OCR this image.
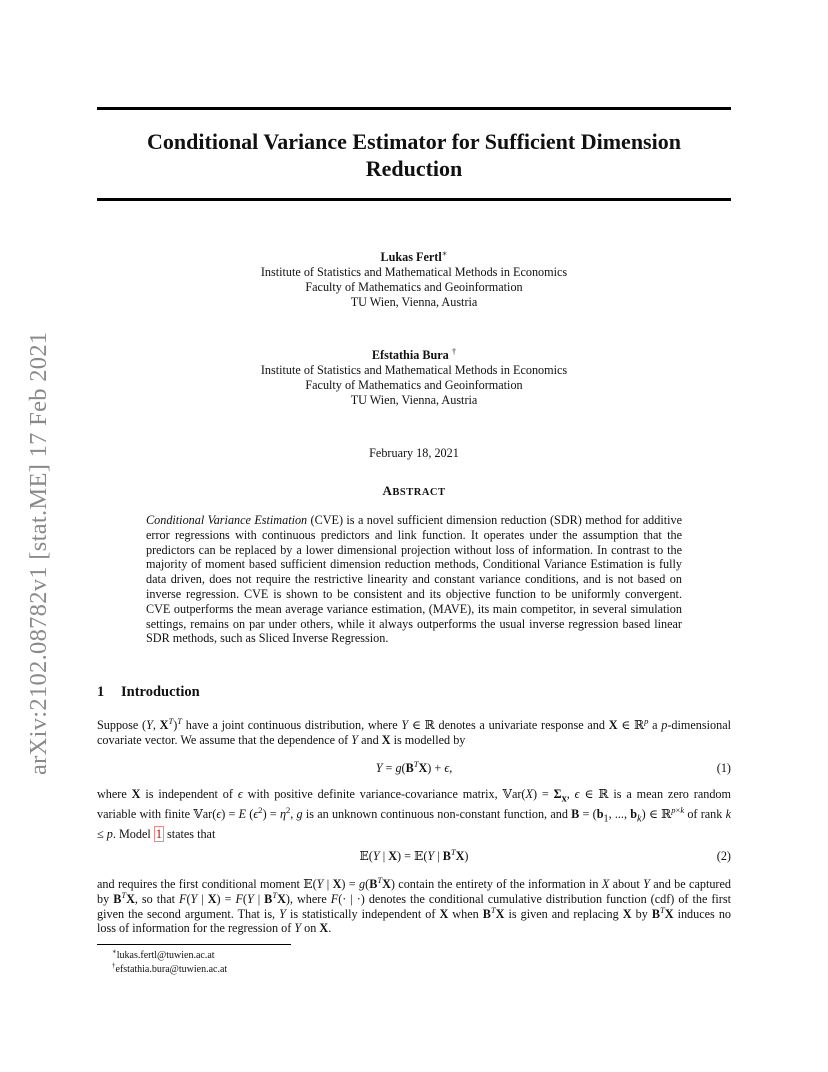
arXiv:2102.08782v1 [stat.ME] 17 Feb 2021
Conditional Variance Estimator for Sufficient Dimension Reduction
Lukas Fertl∗
Institute of Statistics and Mathematical Methods in Economics
Faculty of Mathematics and Geoinformation
TU Wien, Vienna, Austria
Efstathia Bura †
Institute of Statistics and Mathematical Methods in Economics
Faculty of Mathematics and Geoinformation
TU Wien, Vienna, Austria
February 18, 2021
ABSTRACT
Conditional Variance Estimation (CVE) is a novel sufficient dimension reduction (SDR) method for additive error regressions with continuous predictors and link function. It operates under the assumption that the predictors can be replaced by a lower dimensional projection without loss of information. In contrast to the majority of moment based sufficient dimension reduction methods, Conditional Variance Estimation is fully data driven, does not require the restrictive linearity and constant variance conditions, and is not based on inverse regression. CVE is shown to be consistent and its objective function to be uniformly convergent. CVE outperforms the mean average variance estimation, (MAVE), its main competitor, in several simulation settings, remains on par under others, while it always outperforms the usual inverse regression based linear SDR methods, such as Sliced Inverse Regression.
1 Introduction
Suppose (Y, $X^T)^T$ have a joint continuous distribution, where Y ∈ ℝ denotes a univariate response and X ∈ ℝ$^p$ a p-dimensional covariate vector. We assume that the dependence of Y and X is modelled by
$Y = g(B^TX) + \epsilon$,	(1)
where X is independent of ϵ with positive definite variance-covariance matrix, 𝕍ar(X) = $\Sigma_x$, ϵ ∈ ℝ is a mean zero random variable with finite 𝕍ar(ϵ) = E $(\epsilon^2) = \eta^2$, g is an unknown continuous non-constant function, and $B = (b_1$, ..., $b_k$) ∈ ℝ$^{p\times k}$ of rank k ≤ p. Model 1 states that
𝔼(Y | X) = 𝔼(Y | $B^TX$)	(2)
and requires the first conditional moment 𝔼(Y | $X) = g(B^TX)$ contain the entirety of the information in X about Y and be captured by $B^TX$, so that F(Y | X) = F(Y | $B^TX$), where F(· | ·) denotes the conditional cumulative distribution function (cdf) of the first given the second argument. That is, Y is statistically independent of X when $B^TX$ is given and replacing X by $B^TX$ induces no loss of information for the regression of Y on X.
∗lukas.fertl@tuwien.ac.at
†efstathia.bura@tuwien.ac.at
